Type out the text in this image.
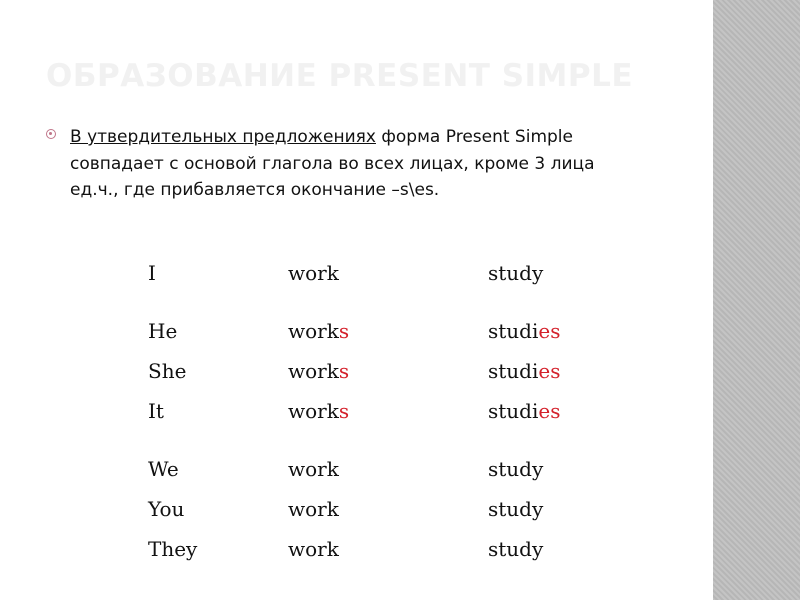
ОБРАЗОВАНИЕ PRESENT SIMPLE
В утвердительных предложениях форма Present Simple совпадает с основой глагола во всех лицах, кроме 3 лица ед.ч., где прибавляется окончание –s\es.
I	work	study
He	works	studies
She	works	studies
It	works	studies
We	work	study
You	work	study
They	work	study
